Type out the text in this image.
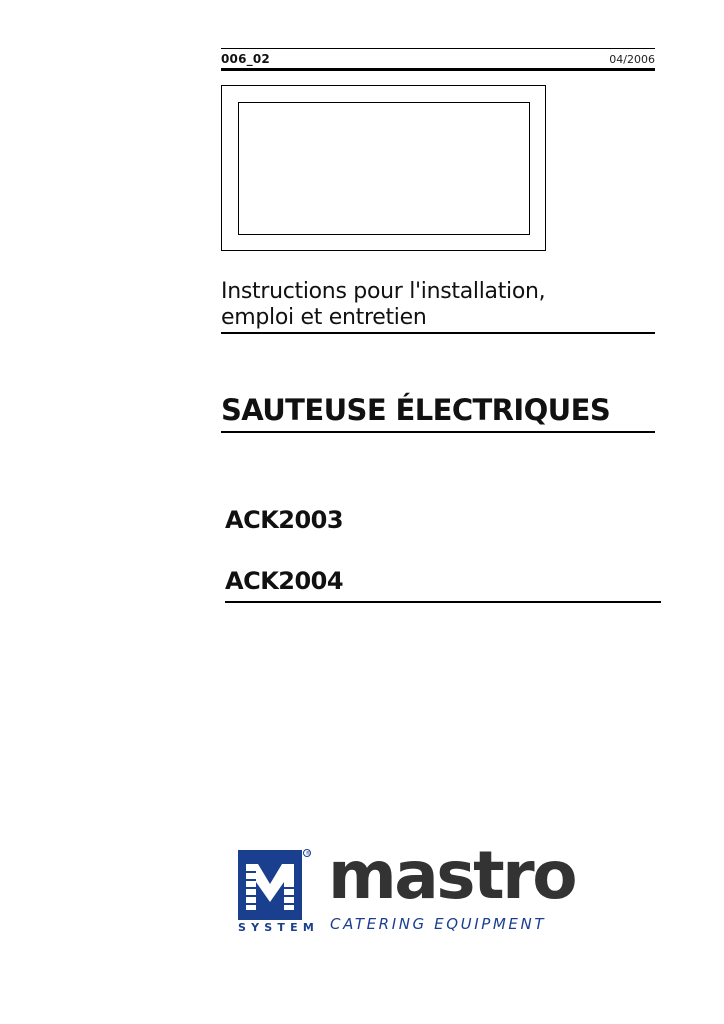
006_02	04/2006
Instructions pour l'installation,
emploi et entretien
SAUTEUSE ÉLECTRIQUES
ACK2003
ACK2004
®
SYSTEM
mastro
CATERING EQUIPMENT
